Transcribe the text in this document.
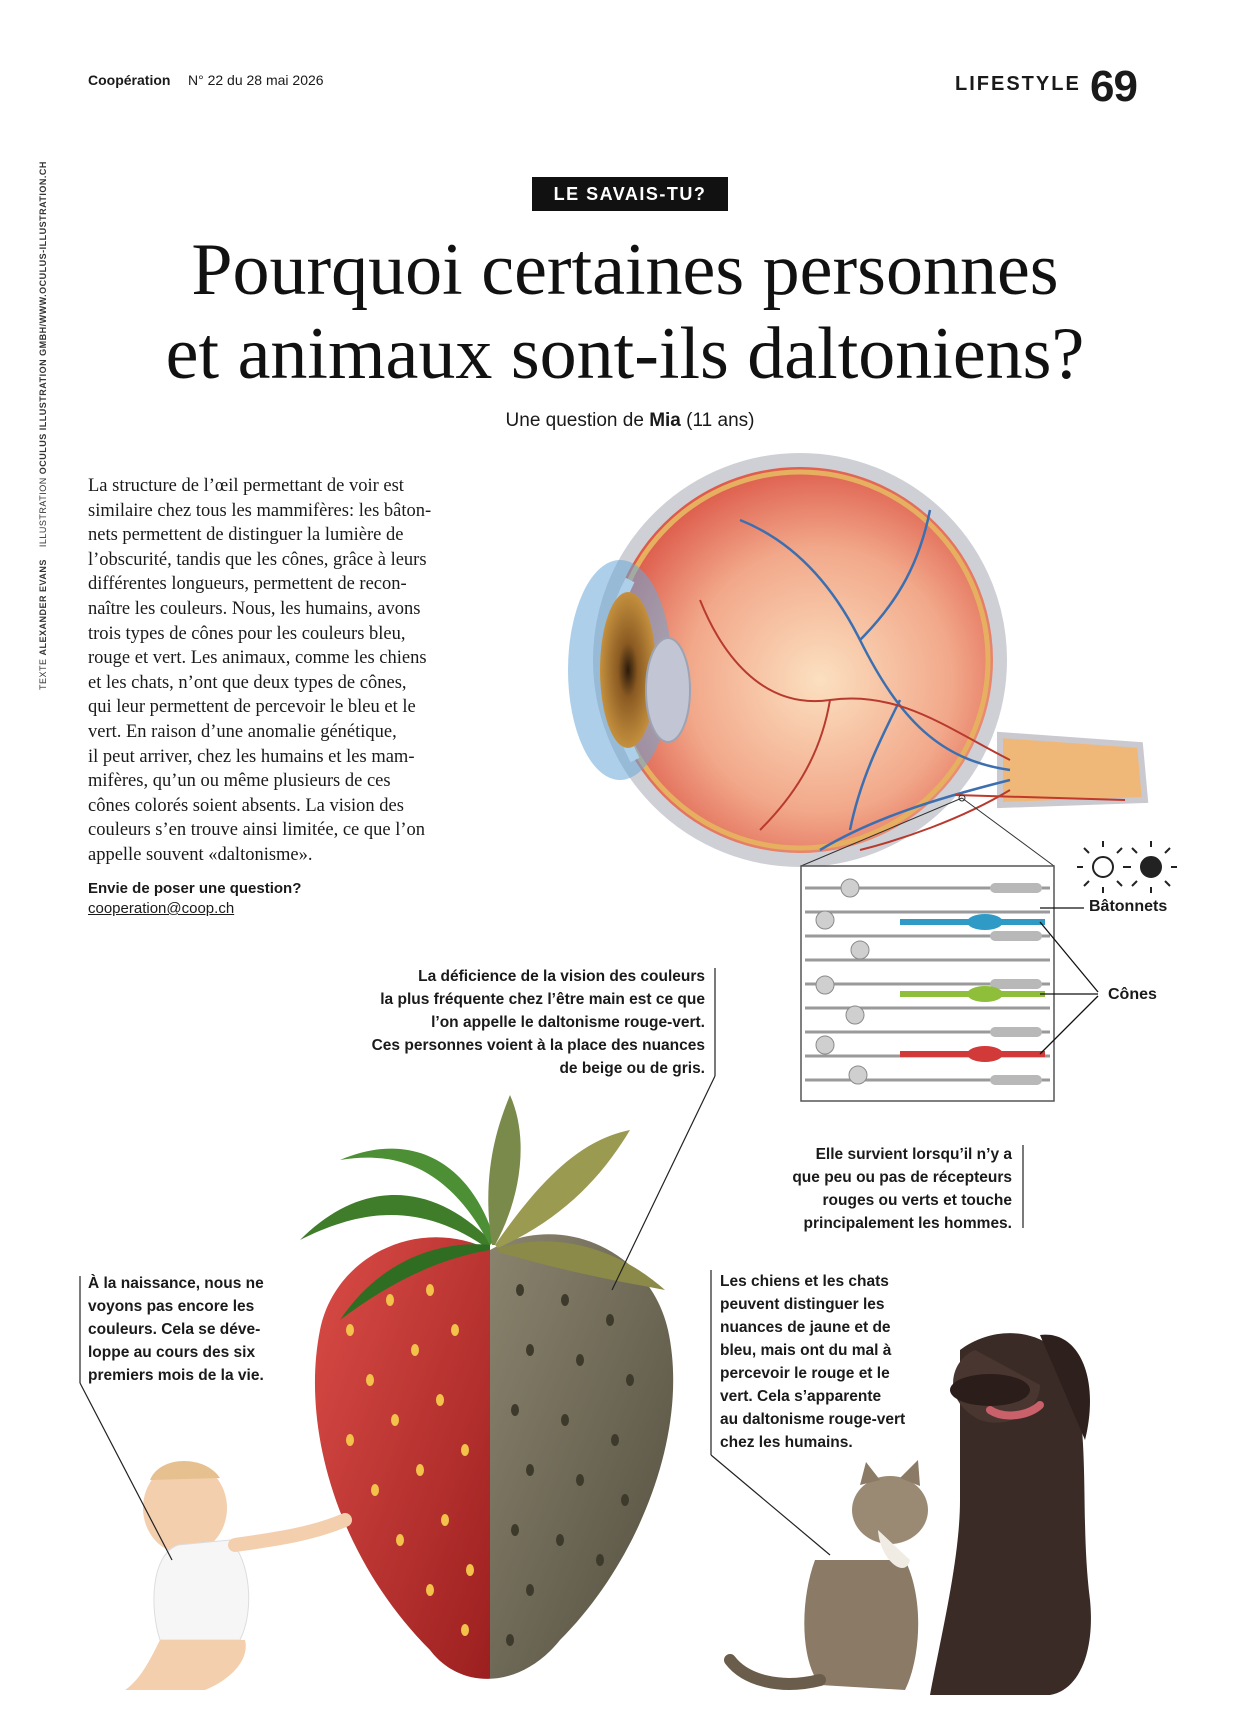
Coopération N° 22 du 28 mai 2026	LIFESTYLE 69
TEXTE ALEXANDER EVANS    ILLUSTRATION OCULUS ILLUSTRATION GMBH/WWW.OCULUS-ILLUSTRATION.CH	LE SAVAIS-TU?
Pourquoi certaines personnes
et animaux sont-ils daltoniens?
Une question de Mia (11 ans)
La structure de l’œil permettant de voir est
similaire chez tous les mammifères: les bâton-
nets permettent de distinguer la lumière de
l’obscurité, tandis que les cônes, grâce à leurs
différentes longueurs, permettent de recon-
naître les couleurs. Nous, les humains, avons
trois types de cônes pour les couleurs bleu,
rouge et vert. Les animaux, comme les chiens
et les chats, n’ont que deux types de cônes,
qui leur permettent de percevoir le bleu et le
vert. En raison d’une anomalie génétique,
il peut arriver, chez les humains et les mam-
mifères, qu’un ou même plusieurs de ces
cônes colorés soient absents. La vision des
couleurs s’en trouve ainsi limitée, ce que l’on
appelle souvent «daltonisme».
Envie de poser une question?
cooperation@coop.ch	Bâtonnets
Cônes
La déficience de la vision des couleurs
la plus fréquente chez l’être main est ce que
l’on appelle le daltonisme rouge-vert.
Ces personnes voient à la place des nuances
de beige ou de gris.
Elle survient lorsqu’il n’y a
que peu ou pas de récepteurs
rouges ou verts et touche
principalement les hommes.
À la naissance, nous ne
voyons pas encore les
couleurs. Cela se déve-
loppe au cours des six
premiers mois de la vie.
Les chiens et les chats
peuvent distinguer les
nuances de jaune et de
bleu, mais ont du mal à
percevoir le rouge et le
vert. Cela s’apparente
au daltonisme rouge-vert
chez les humains.
